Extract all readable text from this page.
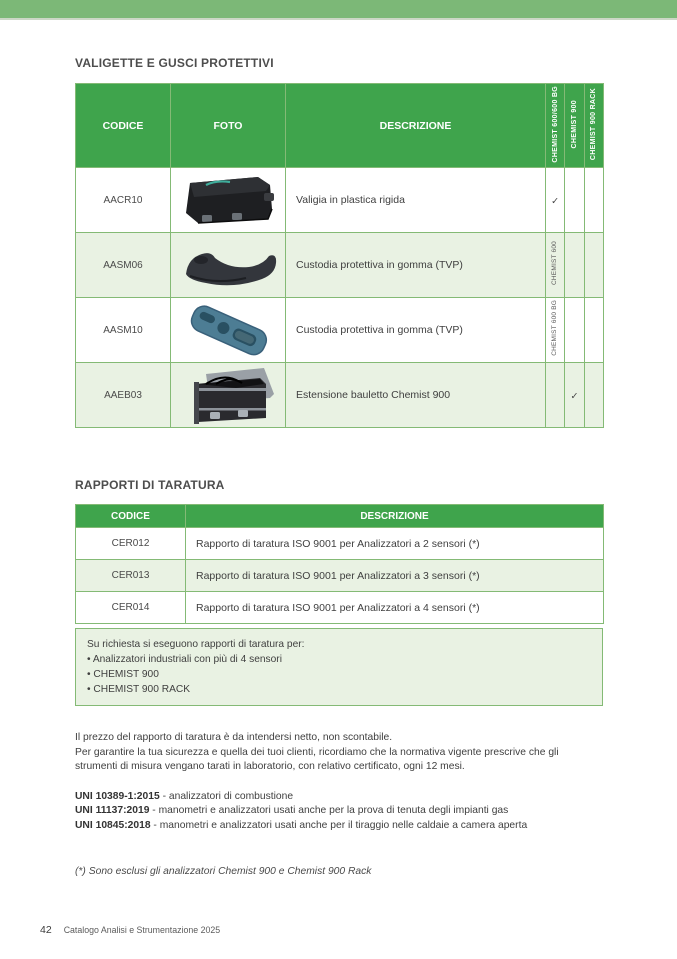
VALIGETTE E GUSCI PROTETTIVI
CODICE	FOTO	DESCRIZIONE	CHEMIST 600/600 BG	CHEMIST 900	CHEMIST 900 RACK
AACR10		Valigia in plastica rigida	✓		
AASM06		Custodia protettiva in gomma (TVP)	CHEMIST 600		
AASM10		Custodia protettiva in gomma (TVP)	CHEMIST 600 BG		
AAEB03		Estensione bauletto Chemist 900		✓	
RAPPORTI DI TARATURA
CODICE	DESCRIZIONE
CER012	Rapporto di taratura ISO 9001 per Analizzatori a 2 sensori (*)
CER013	Rapporto di taratura ISO 9001 per Analizzatori a 3 sensori (*)
CER014	Rapporto di taratura ISO 9001 per Analizzatori a 4 sensori (*)
Su richiesta si eseguono rapporti di taratura per:
• Analizzatori industriali con più di 4 sensori
• CHEMIST 900
• CHEMIST 900 RACK
Il prezzo del rapporto di taratura è da intendersi netto, non scontabile.
Per garantire la tua sicurezza e quella dei tuoi clienti, ricordiamo che la normativa vigente prescrive che gli strumenti di misura vengano tarati in laboratorio, con relativo certificato, ogni 12 mesi.
UNI 10389-1:2015 - analizzatori di combustione
UNI 11137:2019 - manometri e analizzatori usati anche per la prova di tenuta degli impianti gas
UNI 10845:2018 - manometri e analizzatori usati anche per il tiraggio nelle caldaie a camera aperta
(*) Sono esclusi gli analizzatori Chemist 900 e Chemist 900 Rack
42 Catalogo Analisi e Strumentazione 2025
